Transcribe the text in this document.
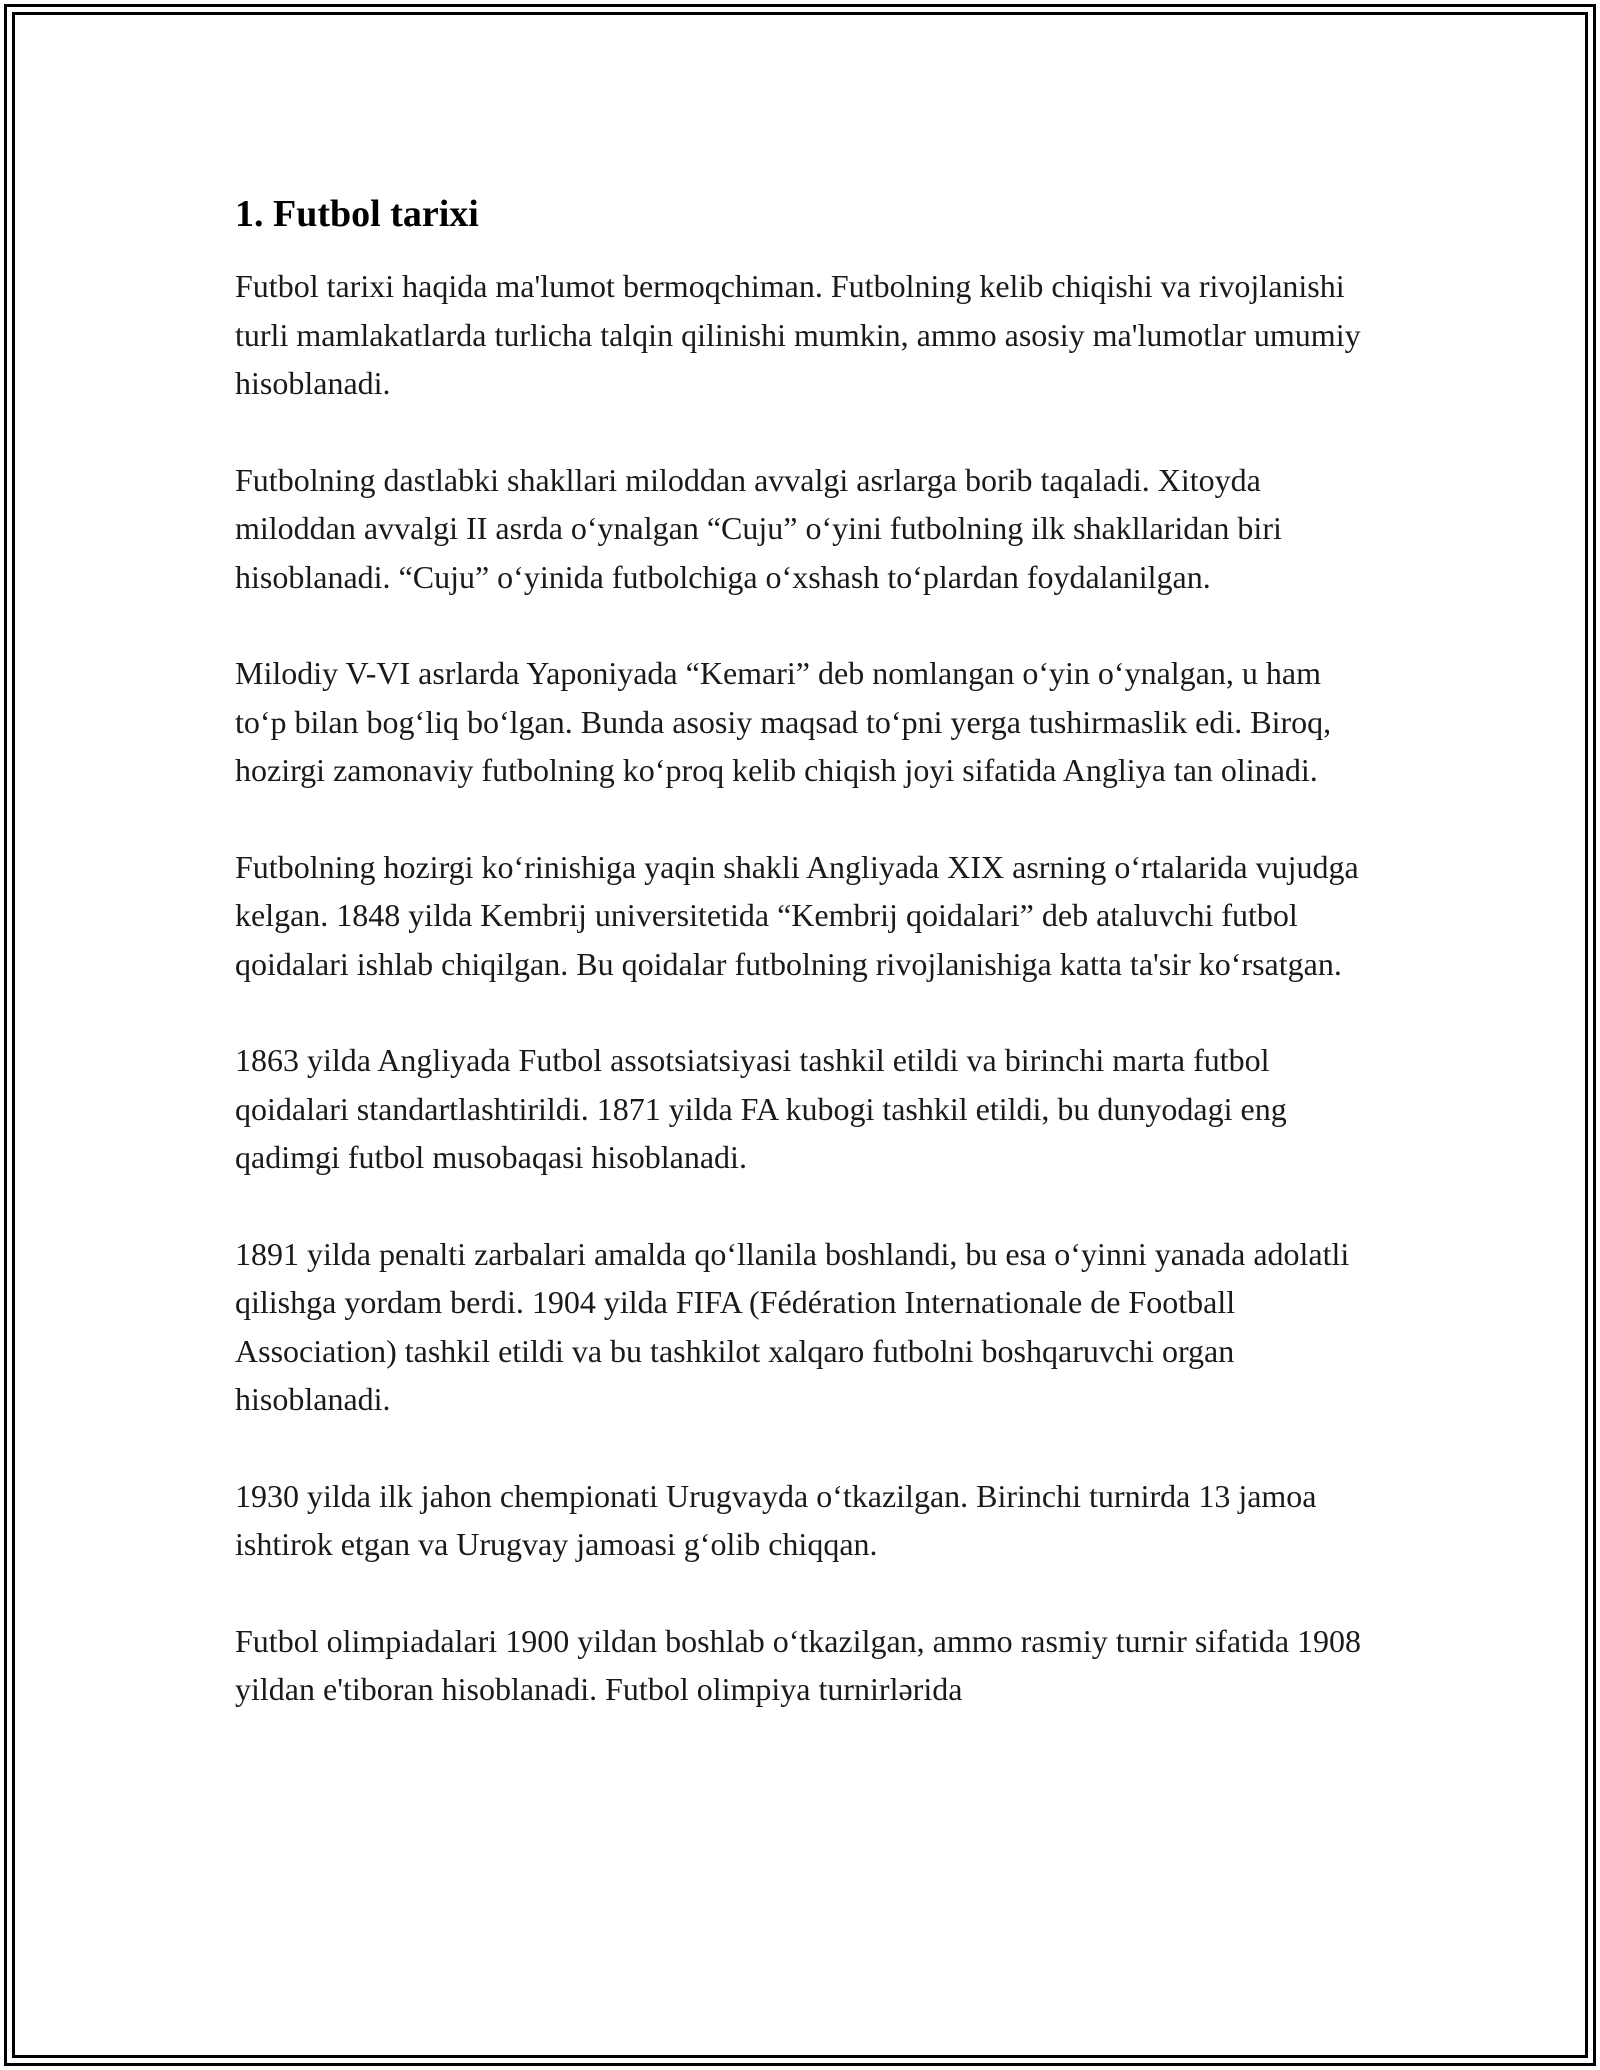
1. Futbol tarixi

Futbol tarixi haqida ma'lumot bermoqchiman. Futbolning kelib chiqishi va rivojlanishi turli mamlakatlarda turlicha talqin qilinishi mumkin, ammo asosiy ma'lumotlar umumiy hisoblanadi.

Futbolning dastlabki shakllari miloddan avvalgi asrlarga borib taqaladi. Xitoyda miloddan avvalgi II asrda oʻynalgan “Cuju” oʻyini futbolning ilk shakllaridan biri hisoblanadi. “Cuju” oʻyinida futbolchiga oʻxshash toʻplardan foydalanilgan.

Milodiy V-VI asrlarda Yaponiyada “Kemari” deb nomlangan oʻyin oʻynalgan, u ham toʻp bilan bogʻliq boʻlgan. Bunda asosiy maqsad toʻpni yerga tushirmaslik edi. Biroq, hozirgi zamonaviy futbolning koʻproq kelib chiqish joyi sifatida Angliya tan olinadi.

Futbolning hozirgi koʻrinishiga yaqin shakli Angliyada XIX asrning oʻrtalarida vujudga kelgan. 1848 yilda Kembrij universitetida “Kembrij qoidalari” deb ataluvchi futbol qoidalari ishlab chiqilgan. Bu qoidalar futbolning rivojlanishiga katta ta'sir koʻrsatgan.

1863 yilda Angliyada Futbol assotsiatsiyasi tashkil etildi va birinchi marta futbol qoidalari standartlashtirildi. 1871 yilda FA kubogi tashkil etildi, bu dunyodagi eng qadimgi futbol musobaqasi hisoblanadi.

1891 yilda penalti zarbalari amalda qoʻllanila boshlandi, bu esa oʻyinni yanada adolatli qilishga yordam berdi. 1904 yilda FIFA (Fédération Internationale de Football Association) tashkil etildi va bu tashkilot xalqaro futbolni boshqaruvchi organ hisoblanadi.

1930 yilda ilk jahon chempionati Urugvayda oʻtkazilgan. Birinchi turnirda 13 jamoa ishtirok etgan va Urugvay jamoasi gʻolib chiqqan.

Futbol olimpiadalari 1900 yildan boshlab oʻtkazilgan, ammo rasmiy turnir sifatida 1908 yildan e'tiboran hisoblanadi. Futbol olimpiya turnirlərida
